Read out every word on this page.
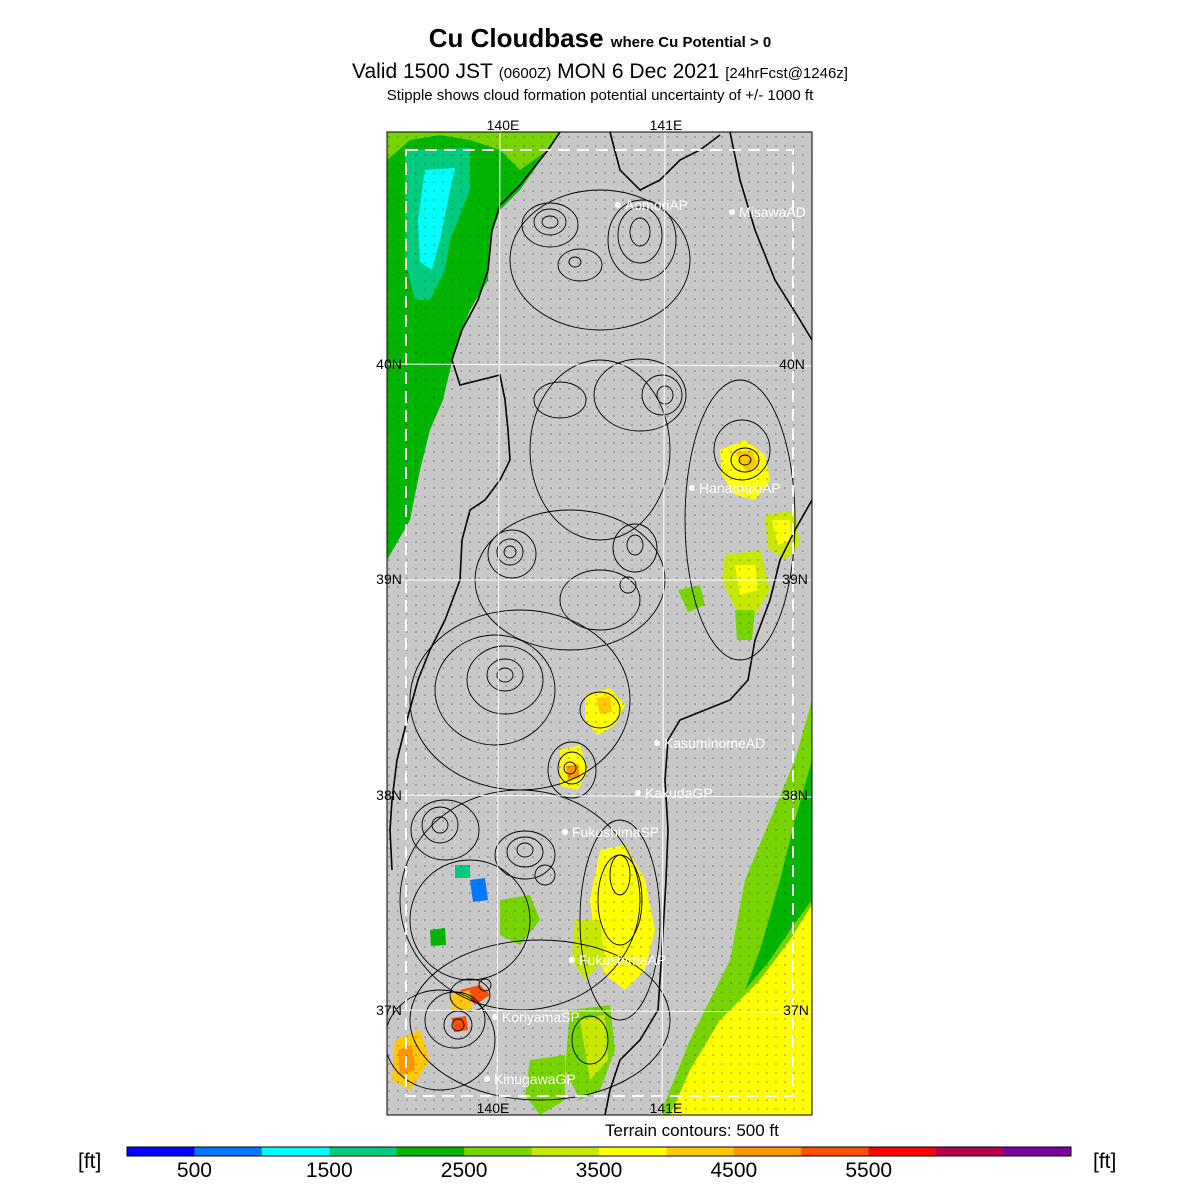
Cu Cloudbase where Cu Potential > 0
Valid 1500 JST (0600Z) MON 6 Dec 2021 [24hrFcst@1246z]
Stipple shows cloud formation potential uncertainty of +/- 1000 ft
140E	141E
140E	141E
40N
39N
38N
37N
40N
39N
38N
37N
AomoriAP	MisawaAD
HanamakiAP
KasuminomeAD
KakudaGP
FukushimaSP
FukushimaAP
KoriyamaSP
KinugawaGP
Terrain contours: 500 ft
[ft]	[ft]
500	1500	2500	3500	4500	5500
